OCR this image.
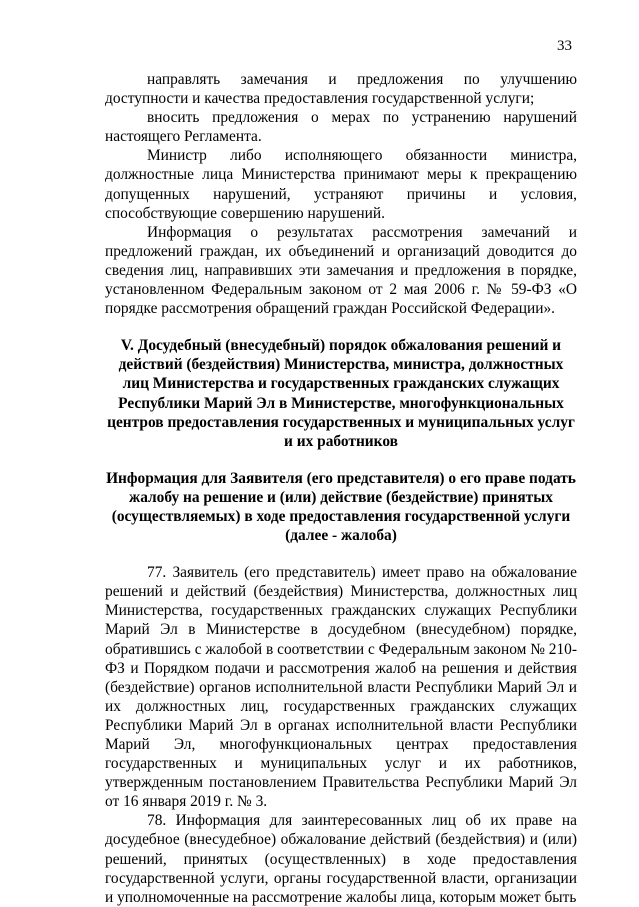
33

направлять замечания и предложения по улучшению доступности и качества предоставления государственной услуги;

вносить предложения о мерах по устранению нарушений настоящего Регламента.

Министр либо исполняющего обязанности министра, должностные лица Министерства принимают меры к прекращению допущенных нарушений, устраняют причины и условия, способствующие совершению нарушений.

Информация о результатах рассмотрения замечаний и предложений граждан, их объединений и организаций доводится до сведения лиц, направивших эти замечания и предложения в порядке, установленном Федеральным законом от 2 мая 2006 г. № 59-ФЗ «О порядке рассмотрения обращений граждан Российской Федерации».

V. Досудебный (внесудебный) порядок обжалования решений и действий (бездействия) Министерства, министра, должностных лиц Министерства и государственных гражданских служащих Республики Марий Эл в Министерстве, многофункциональных центров предоставления государственных и муниципальных услуг и их работников

Информация для Заявителя (его представителя) о его праве подать жалобу на решение и (или) действие (бездействие) принятых (осуществляемых) в ходе предоставления государственной услуги (далее - жалоба)

77. Заявитель (его представитель) имеет право на обжалование решений и действий (бездействия) Министерства, должностных лиц Министерства, государственных гражданских служащих Республики Марий Эл в Министерстве в досудебном (внесудебном) порядке, обратившись с жалобой в соответствии с Федеральным законом № 210-ФЗ и Порядком подачи и рассмотрения жалоб на решения и действия (бездействие) органов исполнительной власти Республики Марий Эл и их должностных лиц, государственных гражданских служащих Республики Марий Эл в органах исполнительной власти Республики Марий Эл, многофункциональных центрах предоставления государственных и муниципальных услуг и их работников, утвержденным постановлением Правительства Республики Марий Эл от 16 января 2019 г. № 3.

78. Информация для заинтересованных лиц об их праве на досудебное (внесудебное) обжалование действий (бездействия) и (или) решений, принятых (осуществленных) в ходе предоставления государственной услуги, органы государственной власти, организации и уполномоченные на рассмотрение жалобы лица, которым может быть
